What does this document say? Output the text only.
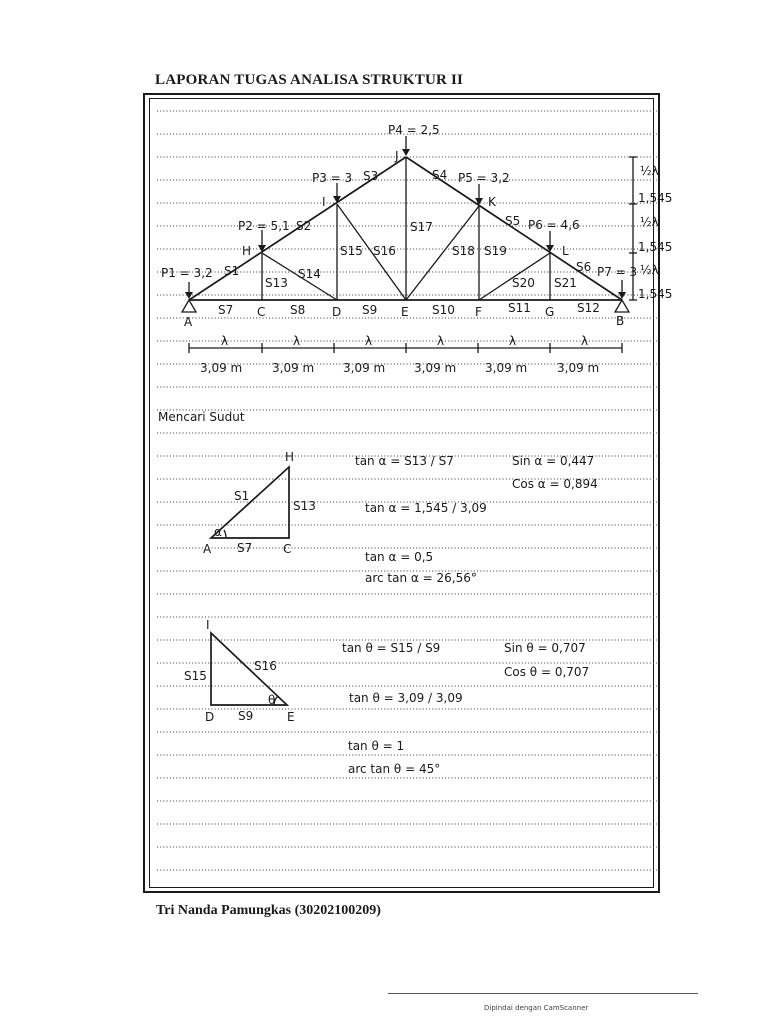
LAPORAN TUGAS ANALISA STRUKTUR II
P1 = 3,2
P2 = 5,1
P3 = 3
P4 = 2,5
P5 = 3,2
P6 = 4,6
P7 = 3
A	B
C	D	E	F	G
H
I
J
K
L
S1
S2
S3	S4
S5
S6
S7	S8	S9	S10	S11	S12
S13
S14
S15 S16
S17
S18 S19
S20 S21
½λ
1,545
½λ
1,545
½λ
1,545
λ	λ	λ	λ	λ	λ
3,09 m 3,09 m 3,09 m 3,09 m 3,09 m 3,09 m
Mencari Sudut
H
A	C
S1
S7
S13
α
tan α = S13 / S7
tan α = 1,545 / 3,09
tan α = 0,5
arc tan α = 26,56°
Sin α = 0,447
Cos α = 0,894
I
D	E
S15
S16
S9
θ
tan θ = S15 / S9
tan θ = 3,09 / 3,09
tan θ = 1
arc tan θ = 45°
Sin θ = 0,707
Cos θ = 0,707

Tri Nanda Pamungkas (30202100209)

Dipindai dengan CamScanner
